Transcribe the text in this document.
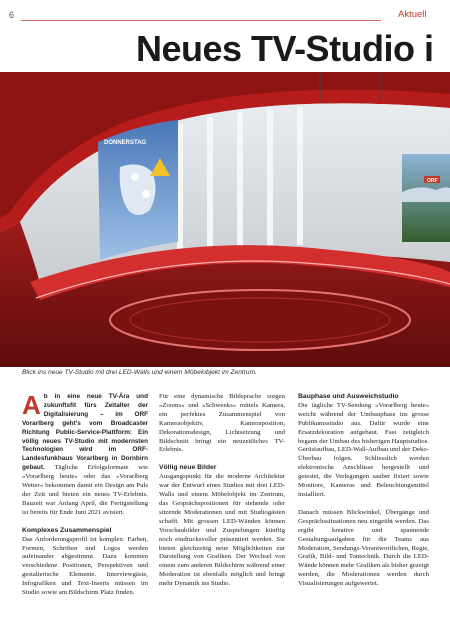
6	Aktuell
Neues TV-Studio i
DONNERSTAG
ORF
Blick ins neue TV-Studio mit drei LED-Walls und einem Möbelobjekt im Zentrum.

Ab in eine neue TV-Ära und zukunftsfit fürs Zeitalter der Digitalisierung – im ORF Vorarlberg geht's vom Broadcaster Richtung Public-Service-Plattform: Ein völlig neues TV-Studio mit modernsten Technologien wird im ORF-Landesfunkhaus Vorarlberg in Dornbirn gebaut. Tägliche Erfolgsformate wie »Vorarlberg heute« oder das »Vorarlberg Wetter« bekommen damit ein Design am Puls der Zeit und bieten ein neues TV-Erlebnis. Bauzeit war Anfang April, die Fertigstellung ist bereits für Ende Juni 2021 avisiert.

Komplexes Zusammenspiel

Das Anforderungsprofil ist komplex: Farben, Formen, Schriften und Logos werden aufeinander abgestimmt. Dazu kommen verschiedene Positionen, Perspektiven und gestalterische Elemente. Interviewgäste, Infografiken und Text-Inserts müssen im Studio sowie am Bildschirm Platz finden.

Für eine dynamische Bildsprache sorgen »Zooms« und »Schwenks« mittels Kamera, ein perfektes Zusammenspiel von Kameraobjektiv, Kameraposition, Dekorationsdesign, Lichtsetzung und Bildschnitt bringt ein neuzeitliches TV-Erlebnis.

Völlig neue Bilder

Ausgangspunkt für die moderne Architektur war der Entwurf eines Studios mit drei LED-Walls und einem Möbelobjekt im Zentrum, das Gesprächspositionen für stehende oder sitzende Moderationen und mit Studiogästen schafft. Mit grossen LED-Wänden können Vorschaubilder und Zuspielungen künftig noch eindrucksvoller präsentiert werden. Sie bieten gleichzeitig neue Möglichkeiten zur Darstellung von Grafiken. Der Wechsel von einem zum anderen Bildschirm während einer Moderation ist ebenfalls möglich und bringt mehr Dynamik ins Studio.

Bauphase und Ausweichstudio

Die tägliche TV-Sendung »Vorarlberg heute« weicht während der Umbauphase ins grosse Publikumsstudio aus. Dafür wurde eine Ersatzdekoration aufgebaut. Fast zeitgleich begann der Umbau des bisherigen Hauptstudios. Gerüstaufbau, LED-Wall-Aufbau und der Deko-Überbau folgen. Schliesslich werden elektronische Anschlüsse hergestellt und getestet, die Verlegungen sauber fixiert sowie Monitore, Kameras und Beleuchtungsmittel installiert.

Danach müssen Blickwinkel, Übergänge und Gesprächssituationen neu eingeübt werden. Das ergibt kreative und spannende Gestaltungsaufgaben für die Teams aus Moderation, Sendungs-Verantwortlichen, Regie, Grafik, Bild- und Tontechnik. Durch die LED-Wände können mehr Grafiken als bisher gezeigt werden, die Moderationen werden durch Visualisierungen aufgewertet.
